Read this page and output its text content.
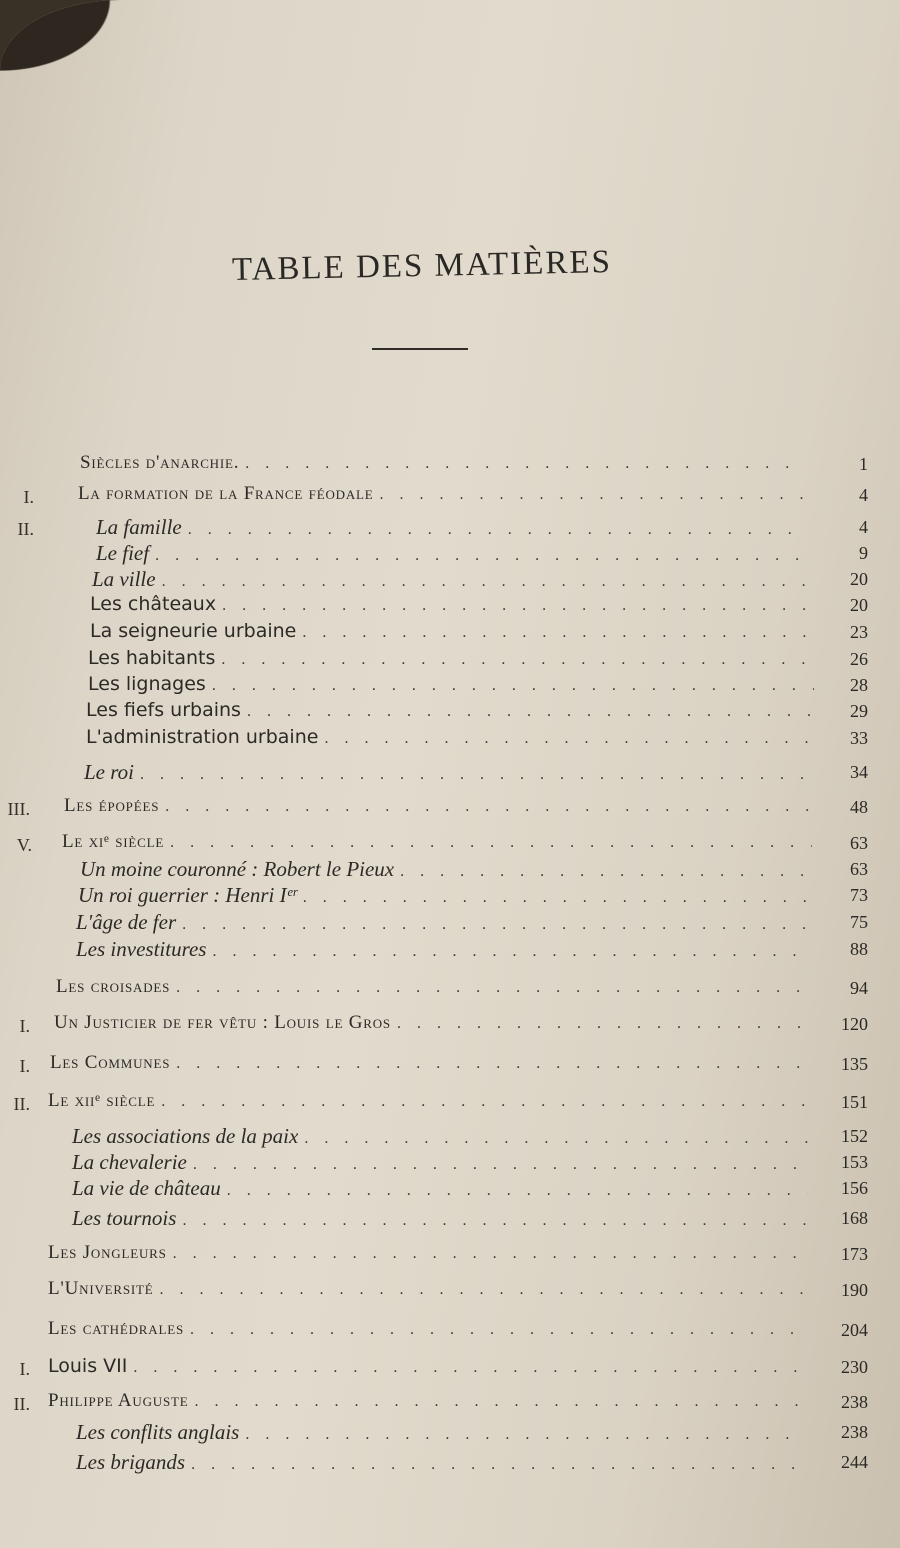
TABLE DES MATIÈRES
Siècles d'anarchie. . . .	1
I. La formation de la France féodale . . .	4
II.	La famille . . .	4
Le fief . . .	9
La ville . . .	20
Les châteaux . . .	20
La seigneurie urbaine . . .	23
Les habitants . . .	26
Les lignages . . .	28
Les fiefs urbains . . .	29
L'administration urbaine . . .	33
Le roi . . .	34
III. Les épopées . . .	48
V. Le xiᵉ siècle . . .	63
Un moine couronné : Robert le Pieux . . .	63
Un roi guerrier : Henri Iᵉʳ . . .	73
L'âge de fer . . .	75
Les investitures . . .	88
Les croisades . . .	94
I. Un Justicier de fer vêtu : Louis le Gros . . .	120
I. Les Communes . . .	135
II. Le xiiᵉ siècle . . .	151
Les associations de la paix . . .	152
La chevalerie . . .	153
La vie de château . . .	156
Les tournois . . .	168
Les Jongleurs . . .	173
L'Université . . .	190
Les cathédrales . . .	204
I. Louis VII . . .	230
II. Philippe Auguste . . .	238
Les conflits anglais . . .	238
Les brigands . . .	244
